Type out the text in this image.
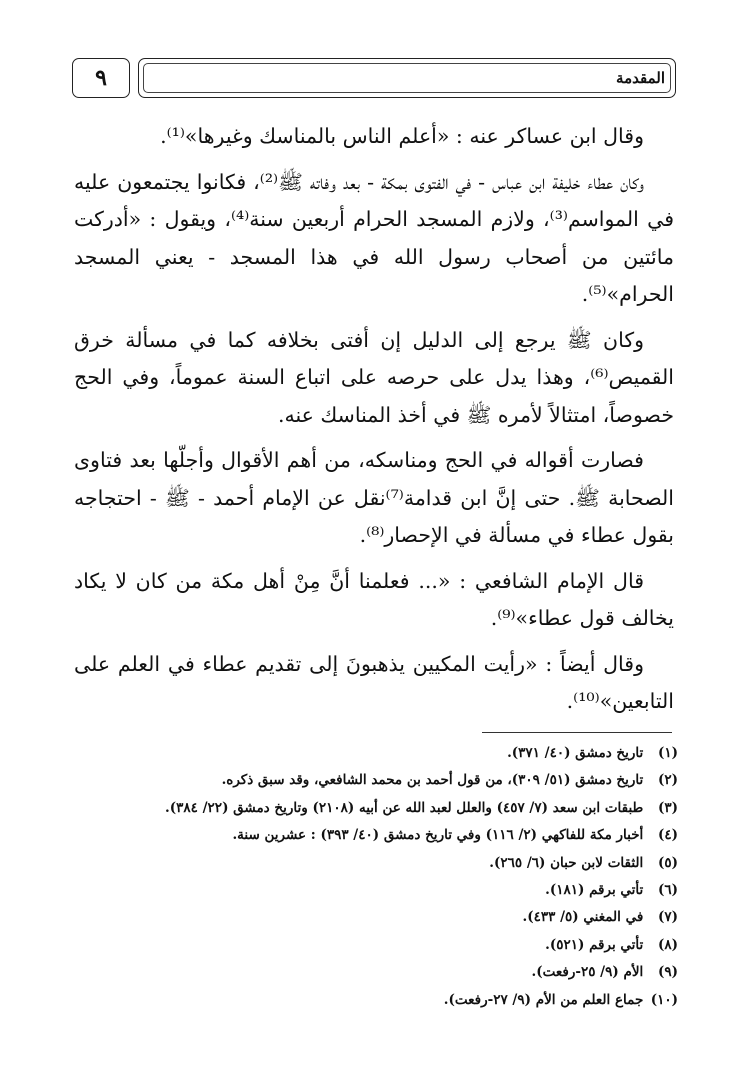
٩	المقدمة

وقال ابن عساكر عنه : «أعلم الناس بالمناسك وغيرها»⁽¹⁾.

وكان عطاء خليفة ابن عباس - في الفتوى بمكة - بعد وفاته ﷺ⁽²⁾، فكانوا يجتمعون عليه في المواسم⁽³⁾، ولازم المسجد الحرام أربعين سنة⁽⁴⁾، ويقول : «أدركت مائتين من أصحاب رسول الله في هذا المسجد - يعني المسجد الحرام»⁽⁵⁾.

وكان ﷺ يرجع إلى الدليل إن أفتى بخلافه كما في مسألة خرق القميص⁽⁶⁾، وهذا يدل على حرصه على اتباع السنة عموماً، وفي الحج خصوصاً، امتثالاً لأمره ﷺ في أخذ المناسك عنه.

فصارت أقواله في الحج ومناسكه، من أهم الأقوال وأجلّها بعد فتاوى الصحابة ﷺ. حتى إنَّ ابن قدامة⁽⁷⁾نقل عن الإمام أحمد - ﷺ - احتجاجه بقول عطاء في مسألة في الإحصار⁽⁸⁾.

قال الإمام الشافعي : «... فعلمنا أنَّ مِنْ أهل مكة من كان لا يكاد يخالف قول عطاء»⁽⁹⁾.

وقال أيضاً : «رأيت المكيين يذهبونَ إلى تقديم عطاء في العلم على التابعين»⁽¹⁰⁾.

(١) تاريخ دمشق (٤٠/ ٣٧١).

(٢) تاريخ دمشق (٥١/ ٣٠٩)، من قول أحمد بن محمد الشافعي، وقد سبق ذكره.

(٣) طبقات ابن سعد (٧/ ٤٥٧) والعلل لعبد الله عن أبيه (٢١٠٨) وتاريخ دمشق (٢٢/ ٣٨٤).

(٤) أخبار مكة للفاكهي (٢/ ١١٦) وفي تاريخ دمشق (٤٠/ ٣٩٣) : عشرين سنة.

(٥) الثقات لابن حبان (٦/ ٢٦٥).

(٦) تأتي برقم (١٨١).

(٧) في المغني (٥/ ٤٣٣).

(٨) تأتي برقم (٥٢١).

(٩) الأم (٩/ ٢٥-رفعت).

(١٠) جماع العلم من الأم (٩/ ٢٧-رفعت).
